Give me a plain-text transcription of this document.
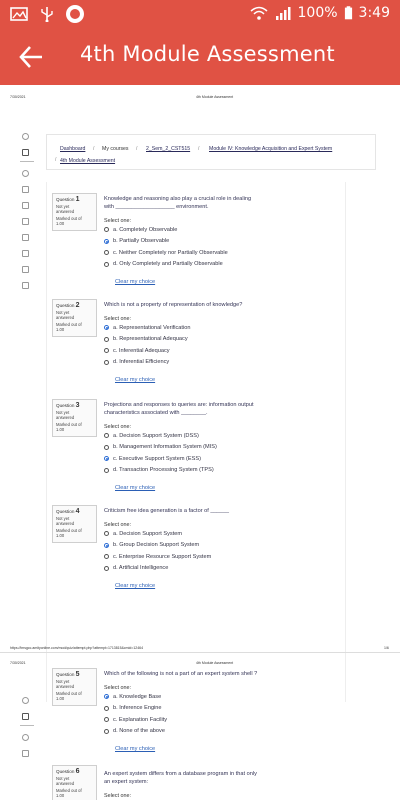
100% 3:49
4th Module Assessment
7/30/2021	4th Module Assessment
Dashboard / My courses / 2_Sem_2_CST515 / Module IV: Knowledge Acquisition and Expert System
/ 4th Module Assessment
Question 1
Not yet
answered
Marked out of
1.00
Knowledge and reasoning also play a crucial role in dealing
with ___________________ environment.
Select one:
a. Completely Observable
b. Partially Observable
c. Neither Completely nor Partially Observable
d. Only Completely and Partially Observable
Clear my choice
Question 2
Not yet
answered
Marked out of
1.00
Which is not a property of representation of knowledge?
Select one:
a. Representational Verification
b. Representational Adequacy
c. Inferential Adequacy
d. Inferential Efficiency
Clear my choice
Question 3
Not yet
answered
Marked out of
1.00
Projections and responses to queries are: information output
characteristics associated with ________.
Select one:
a. Decision Support System (DSS)
b. Management Information System (MIS)
c. Executive Support System (ESS)
d. Transaction Processing System (TPS)
Clear my choice
Question 4
Not yet
answered
Marked out of
1.00
Criticism free idea generation is a factor of ______
Select one:
a. Decision Support System
b. Group Decision Support System
c. Enterprise Resource Support System
d. Artificial Intelligence
Clear my choice
https://lmsgcc.amityonline.com/mod/quiz/attempt.php?attempt=1713815&cmid=12464	1/6
7/30/2021	4th Module Assessment
Question 5
Not yet
answered
Marked out of
1.00
Which of the following is not a part of an expert system shell ?
Select one:
a. Knowledge Base
b. Inference Engine
c. Explanation Facility
d. None of the above
Clear my choice
Question 6
Not yet
answered
Marked out of
1.00
An expert system differs from a database program in that only
an expert system:
Select one:
